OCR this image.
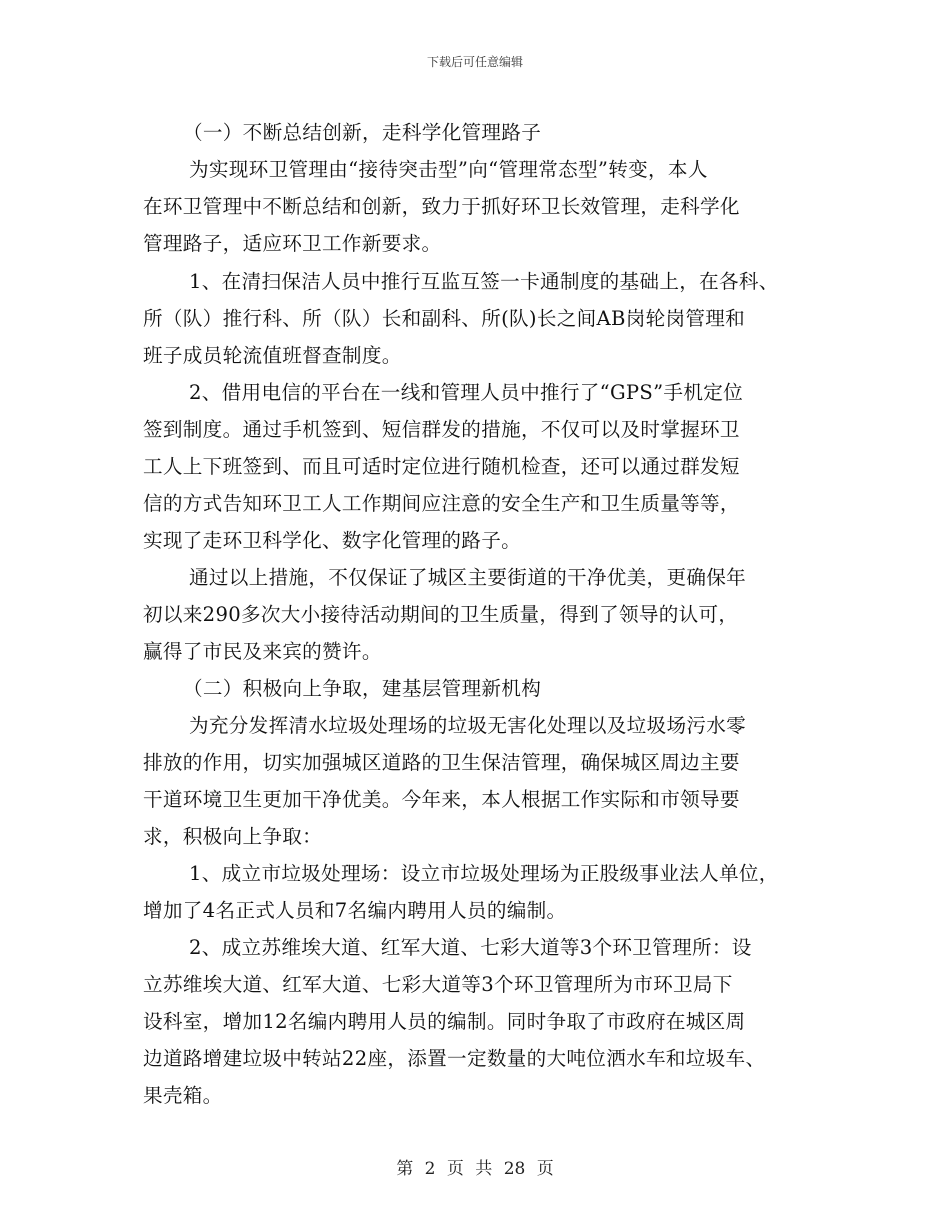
下载后可任意编辑
（一）不断总结创新，走科学化管理路子
为实现环卫管理由“接待突击型”向“管理常态型”转变，本人
在环卫管理中不断总结和创新，致力于抓好环卫长效管理，走科学化
管理路子，适应环卫工作新要求。
1、在清扫保洁人员中推行互监互签一卡通制度的基础上，在各科、
所（队）推行科、所（队）长和副科、所(队)长之间AB岗轮岗管理和
班子成员轮流值班督查制度。
2、借用电信的平台在一线和管理人员中推行了“GPS”手机定位
签到制度。通过手机签到、短信群发的措施，不仅可以及时掌握环卫
工人上下班签到、而且可适时定位进行随机检查，还可以通过群发短
信的方式告知环卫工人工作期间应注意的安全生产和卫生质量等等，
实现了走环卫科学化、数字化管理的路子。
通过以上措施，不仅保证了城区主要街道的干净优美，更确保年
初以来290多次大小接待活动期间的卫生质量，得到了领导的认可，
赢得了市民及来宾的赞许。
（二）积极向上争取，建基层管理新机构
为充分发挥清水垃圾处理场的垃圾无害化处理以及垃圾场污水零
排放的作用，切实加强城区道路的卫生保洁管理，确保城区周边主要
干道环境卫生更加干净优美。今年来，本人根据工作实际和市领导要
求，积极向上争取：
1、成立市垃圾处理场：设立市垃圾处理场为正股级事业法人单位，
增加了4名正式人员和7名编内聘用人员的编制。
2、成立苏维埃大道、红军大道、七彩大道等3个环卫管理所：设
立苏维埃大道、红军大道、七彩大道等3个环卫管理所为市环卫局下
设科室，增加12名编内聘用人员的编制。同时争取了市政府在城区周
边道路增建垃圾中转站22座，添置一定数量的大吨位洒水车和垃圾车、
果壳箱。
第 2 页 共 28 页
